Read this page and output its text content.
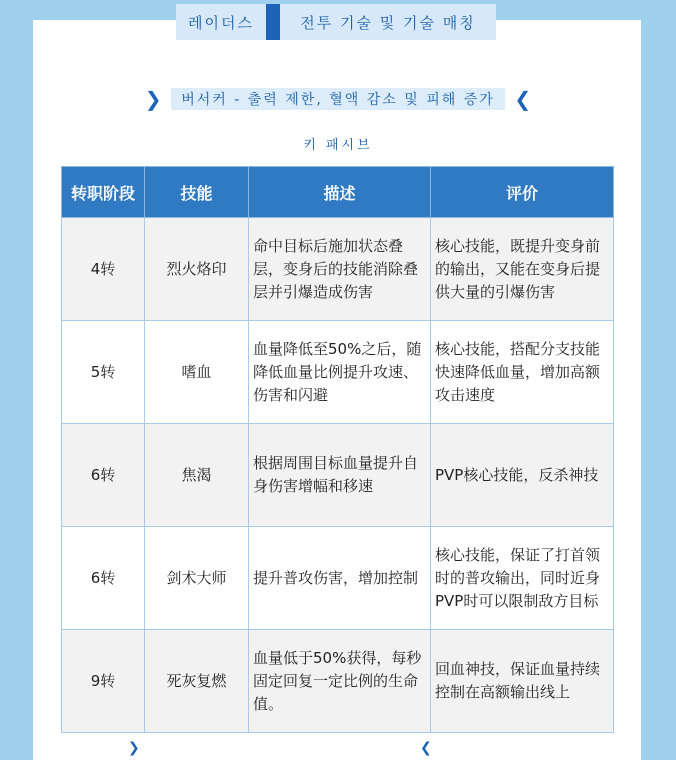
레이더스	전투 기술 및 기술 매칭
❯	버서커 - 출력 제한, 혈액 감소 및 피해 증가 ❮
키 패시브
转职阶段	技能	描述	评价
4转	烈火烙印	命中目标后施加状态叠层，变身后的技能消除叠层并引爆造成伤害	核心技能，既提升变身前的输出，又能在变身后提供大量的引爆伤害
5转	嗜血	血量降低至50%之后，随降低血量比例提升攻速、伤害和闪避	核心技能，搭配分支技能快速降低血量，增加高额攻击速度
6转	焦渴	根据周围目标血量提升自身伤害增幅和移速	PVP核心技能，反杀神技
6转	剑术大师	提升普攻伤害，增加控制	核心技能，保证了打首领时的普攻输出，同时近身PVP时可以限制敌方目标
9转	死灰复燃	血量低于50%获得，每秒固定回复一定比例的生命值。	回血神技，保证血量持续控制在高额输出线上
❯	❮
